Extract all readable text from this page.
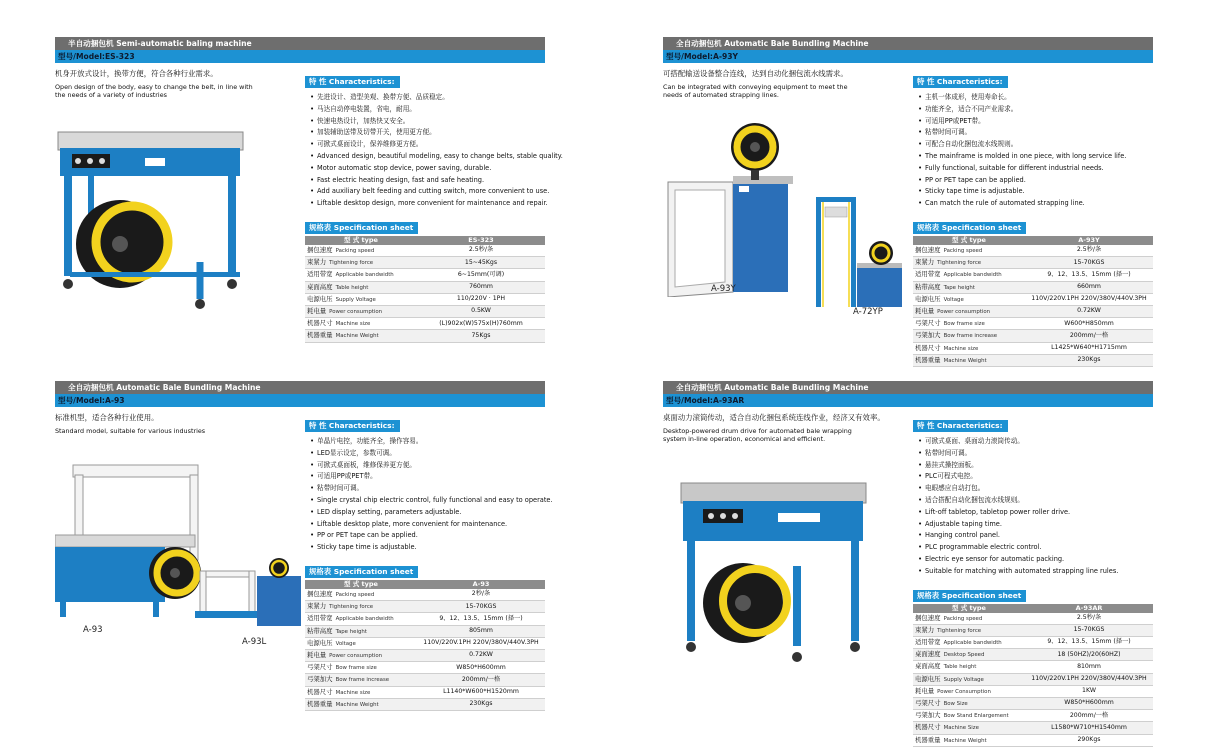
半自动捆包机 Semi-automatic baling machine
型号/Model:ES-323
机身开放式设计，换带方便，符合各种行业需求。
Open design of the body, easy to change the belt, in line with the needs of a variety of industries
特 性 Characteristics:
• 先进设计、造型美观、换带方便、品质稳定。
• 马达自动停电装置，省电，耐用。
• 快速电热设计，加热快又安全。
• 加装辅助送带及切带开关，使用更方便。
• 可掀式桌面设计，保养维修更方便。
• Advanced design, beautiful modeling, easy to change belts, stable quality.
• Motor automatic stop device, power saving, durable.
• Fast electric heating design, fast and safe heating.
• Add auxiliary belt feeding and cutting switch, more convenient to use.
• Liftable desktop design, more convenient for maintenance and repair.
规格表 Specification sheet
型 式 type	ES-323
捆包速度 Packing speed	2.5秒/条
束紧力 Tightening force	15~45Kgs
适用带宽 Applicable bandwidth	6~15mm(可调)
桌面高度 Table height	760mm
电源电压 Supply Voltage	110/220V · 1PH
耗电量 Power consumption	0.5KW
机器尺寸 Machine size	(L)902x(W)575x(H)760mm
机器重量 Machine Weight	75Kgs
全自动捆包机 Automatic Bale Bundling Machine
型号/Model:A-93Y
可搭配输送设备整合连线，达到自动化捆包流水线需求。
Can be integrated with conveying equipment to meet the needs of automated strapping lines.
特 性 Characteristics:
• 主机一体成形，使用寿命长。
• 功能齐全，适合不同产业需求。
• 可适用PP或PET带。
• 粘带时间可调。
• 可配合自动化捆包流水线规则。
• The mainframe is molded in one piece, with long service life.
• Fully functional, suitable for different industrial needs.
• PP or PET tape can be applied.
• Sticky tape time is adjustable.
• Can match the rule of automated strapping line.
规格表 Specification sheet
型 式 type	A-93Y
捆包速度 Packing speed	2.5秒/条
束紧力 Tightening force	15-70KGS
适用带宽 Applicable bandwidth	9、12、13.5、15mm (择一)
粘带高度 Tape height	660mm
电源电压 Voltage	110V/220V.1PH 220V/380V/440V.3PH
耗电量 Power consumption	0.72KW
弓架尺寸 Bow frame size	W600*H850mm
弓架加大 Bow frame increase	200mm/一格
机器尺寸 Machine size	L1425*W640*H1715mm
机器重量 Machine Weight	230Kgs
A-93Y
A-72YP
全自动捆包机 Automatic Bale Bundling Machine
型号/Model:A-93
标准机型，适合各种行业使用。
Standard model, suitable for various industries
特 性 Characteristics:
• 单晶片电控，功能齐全，操作容易。
• LED显示设定，参数可调。
• 可掀式桌面板，维修保养更方便。
• 可适用PP或PET带。
• 粘带时间可调。
• Single crystal chip electric control, fully functional and easy to operate.
• LED display setting, parameters adjustable.
• Liftable desktop plate, more convenient for maintenance.
• PP or PET tape can be applied.
• Sticky tape time is adjustable.
规格表 Specification sheet
型 式 type	A-93
捆包速度 Packing speed	2秒/条
束紧力 Tightening force	15-70KGS
适用带宽 Applicable bandwidth	9、12、13.5、15mm (择一)
粘带高度 Tape height	805mm
电源电压 Voltage	110V/220V.1PH 220V/380V/440V.3PH
耗电量 Power consumption	0.72KW
弓架尺寸 Bow frame size	W850*H600mm
弓架加大 Bow frame increase	200mm/一格
机器尺寸 Machine size	L1140*W600*H1520mm
机器重量 Machine Weight	230Kgs
A-93
A-93L
全自动捆包机 Automatic Bale Bundling Machine
型号/Model:A-93AR
桌面动力滚筒传动，适合自动化捆包系统连线作业，经济又有效率。
Desktop-powered drum drive for automated bale wrapping system in-line operation, economical and efficient.
特 性 Characteristics:
• 可掀式桌面、桌面动力滚筒传动。
• 粘带时间可调。
• 悬挂式操控面板。
• PLC可程式电控。
• 电眼感应自动打包。
• 适合搭配自动化捆包流水线规则。
• Lift-off tabletop, tabletop power roller drive.
• Adjustable taping time.
• Hanging control panel.
• PLC programmable electric control.
• Electric eye sensor for automatic packing.
• Suitable for matching with automated strapping line rules.
规格表 Specification sheet
型 式 type	A-93AR
捆包速度 Packing speed	2.5秒/条
束紧力 Tightening force	15-70KGS
适用带宽 Applicable bandwidth	9、12、13.5、15mm (择一)
桌面速度 Desktop Speed	18 (50HZ)/20(60HZ)
桌面高度 Table height	810mm
电源电压 Supply Voltage	110V/220V.1PH 220V/380V/440V.3PH
耗电量 Power Consumption	1KW
弓架尺寸 Bow Size	W850*H600mm
弓架加大 Bow Stand Enlargement	200mm/一格
机器尺寸 Machine Size	L1580*W710*H1540mm
机器重量 Machine Weight	290Kgs
